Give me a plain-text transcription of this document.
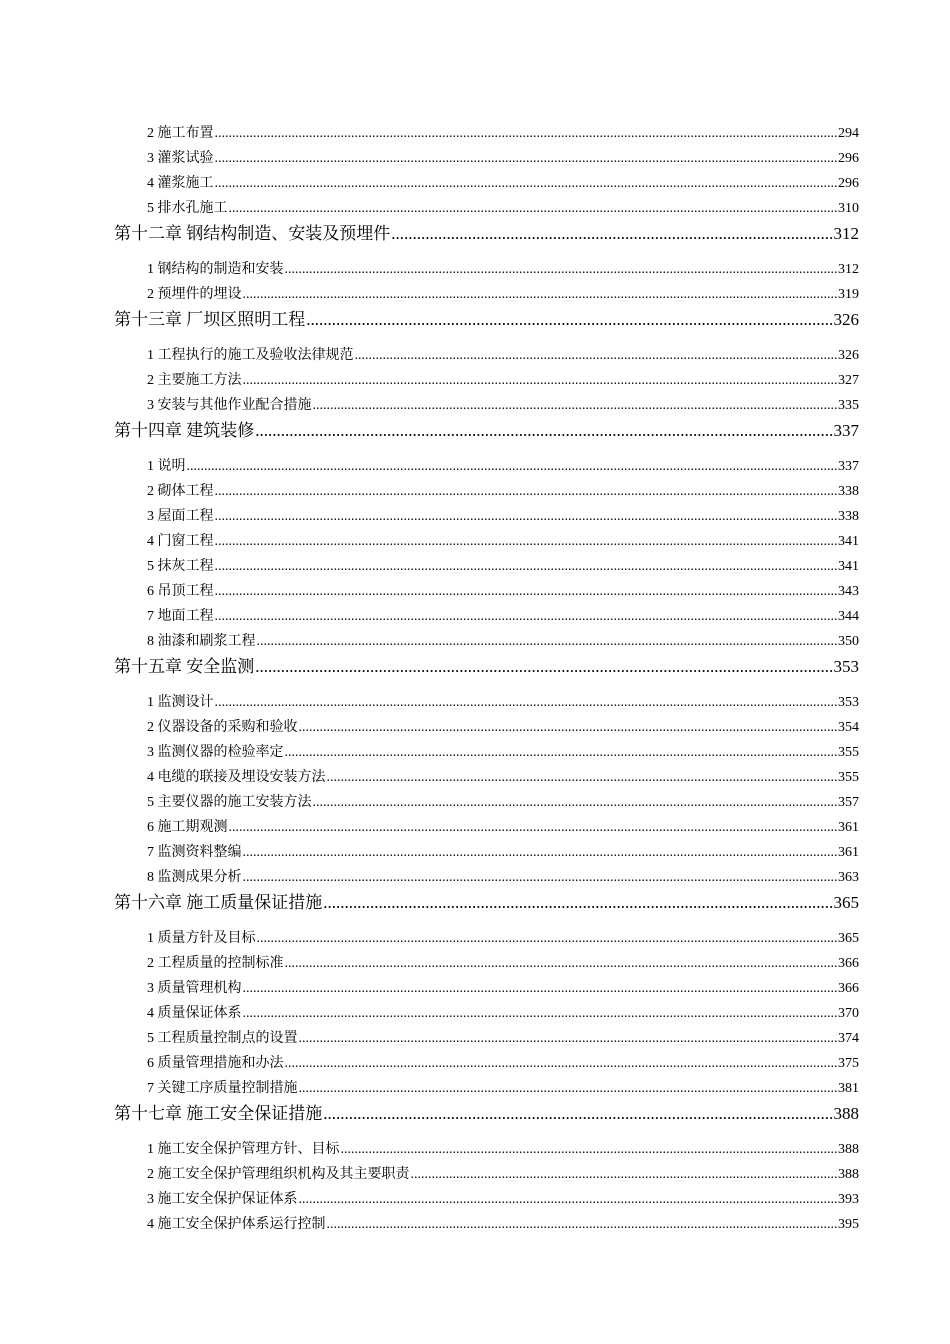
2 施工布置 .....	294
3 灌浆试验 .....	296
4 灌浆施工 .....	296
5 排水孔施工 .....	310
第十二章 钢结构制造、安装及预埋件 .....	312
1 钢结构的制造和安装 .....	312
2 预埋件的埋设 .....	319
第十三章 厂坝区照明工程 .....	326
1 工程执行的施工及验收法律规范 .....	326
2 主要施工方法 .....	327
3 安装与其他作业配合措施 .....	335
第十四章 建筑装修 .....	337
1 说明 .....	337
2 砌体工程 .....	338
3 屋面工程 .....	338
4 门窗工程 .....	341
5 抹灰工程 .....	341
6 吊顶工程 .....	343
7 地面工程 .....	344
8 油漆和刷浆工程 .....	350
第十五章 安全监测 .....	353
1 监测设计 .....	353
2 仪器设备的采购和验收 .....	354
3 监测仪器的检验率定 .....	355
4 电缆的联接及埋设安装方法 .....	355
5 主要仪器的施工安装方法 .....	357
6 施工期观测 .....	361
7 监测资料整编 .....	361
8 监测成果分析 .....	363
第十六章 施工质量保证措施 .....	365
1 质量方针及目标 .....	365
2 工程质量的控制标准 .....	366
3 质量管理机构 .....	366
4 质量保证体系 .....	370
5 工程质量控制点的设置 .....	374
6 质量管理措施和办法 .....	375
7 关键工序质量控制措施 .....	381
第十七章 施工安全保证措施 .....	388
1 施工安全保护管理方针、目标 .....	388
2 施工安全保护管理组织机构及其主要职责 .....	388
3 施工安全保护保证体系 .....	393
4 施工安全保护体系运行控制 .....	395
